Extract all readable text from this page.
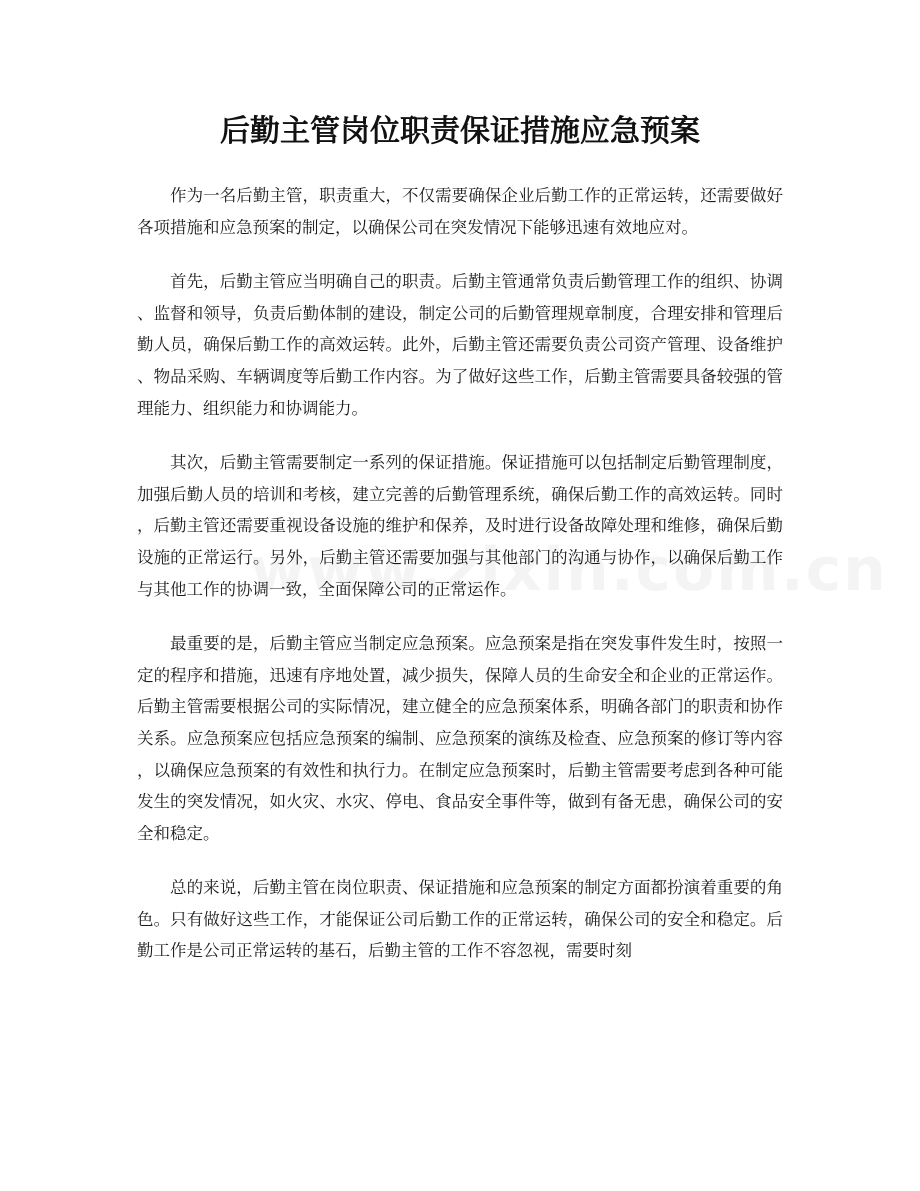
后勤主管岗位职责保证措施应急预案

作为一名后勤主管，职责重大，不仅需要确保企业后勤工作的正常运转，还需要做好各项措施和应急预案的制定，以确保公司在突发情况下能够迅速有效地应对。

首先，后勤主管应当明确自己的职责。后勤主管通常负责后勤管理工作的组织、协调、监督和领导，负责后勤体制的建设，制定公司的后勤管理规章制度，合理安排和管理后勤人员，确保后勤工作的高效运转。此外，后勤主管还需要负责公司资产管理、设备维护、物品采购、车辆调度等后勤工作内容。为了做好这些工作，后勤主管需要具备较强的管理能力、组织能力和协调能力。

其次，后勤主管需要制定一系列的保证措施。保证措施可以包括制定后勤管理制度，加强后勤人员的培训和考核，建立完善的后勤管理系统，确保后勤工作的高效运转。同时，后勤主管还需要重视设备设施的维护和保养，及时进行设备故障处理和维修，确保后勤设施的正常运行。另外，后勤主管还需要加强与其他部门的沟通与协作，以确保后勤工作与其他工作的协调一致，全面保障公司的正常运作。

最重要的是，后勤主管应当制定应急预案。应急预案是指在突发事件发生时，按照一定的程序和措施，迅速有序地处置，减少损失，保障人员的生命安全和企业的正常运作。后勤主管需要根据公司的实际情况，建立健全的应急预案体系，明确各部门的职责和协作关系。应急预案应包括应急预案的编制、应急预案的演练及检查、应急预案的修订等内容，以确保应急预案的有效性和执行力。在制定应急预案时，后勤主管需要考虑到各种可能发生的突发情况，如火灾、水灾、停电、食品安全事件等，做到有备无患，确保公司的安全和稳定。

总的来说，后勤主管在岗位职责、保证措施和应急预案的制定方面都扮演着重要的角色。只有做好这些工作，才能保证公司后勤工作的正常运转，确保公司的安全和稳定。后勤工作是公司正常运转的基石，后勤主管的工作不容忽视，需要时刻
